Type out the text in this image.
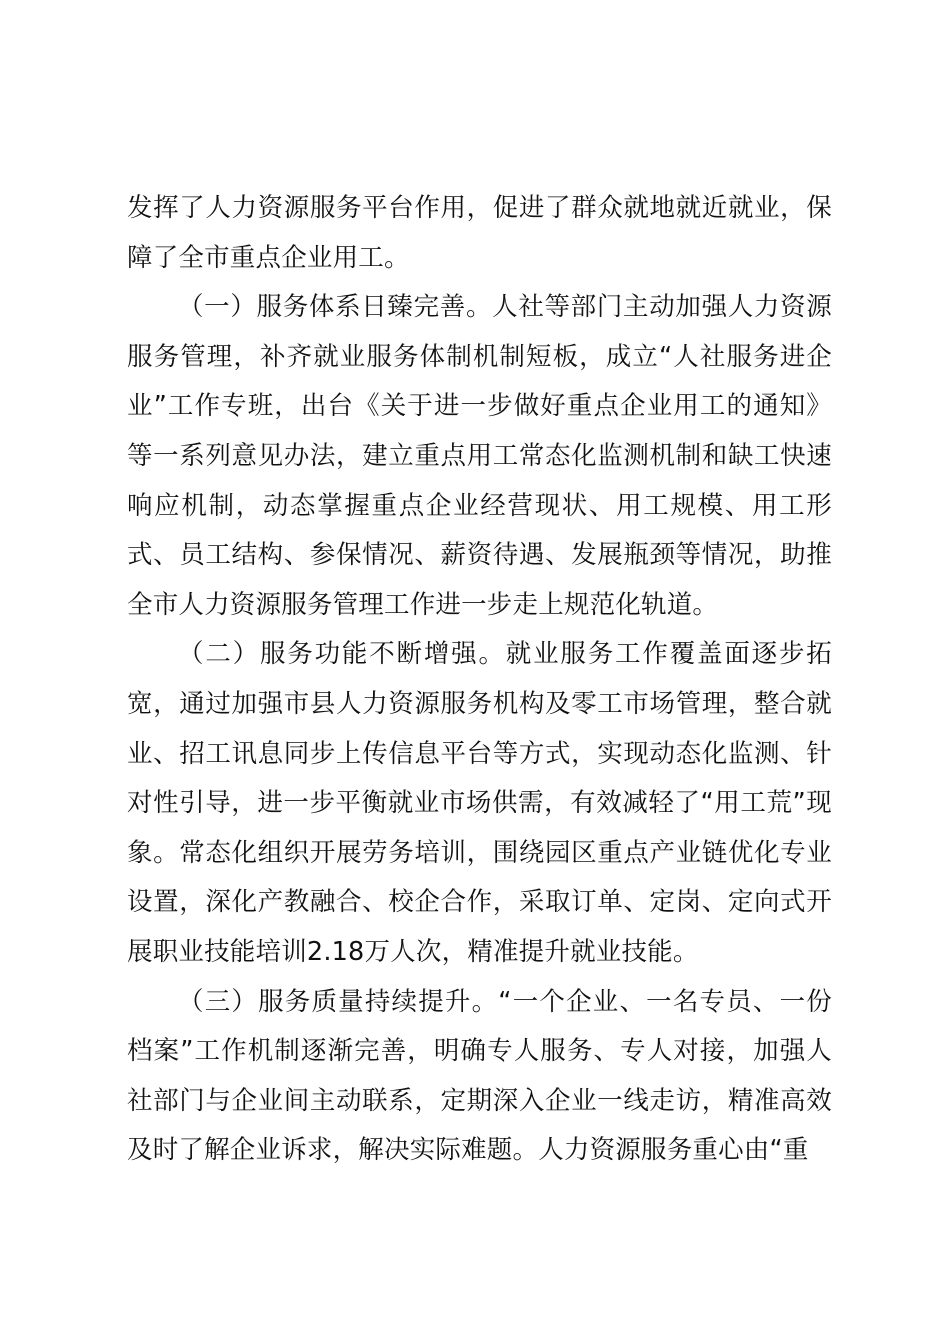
发挥了人力资源服务平台作用，促进了群众就地就近就业，保障了全市重点企业用工。

（一）服务体系日臻完善。人社等部门主动加强人力资源服务管理，补齐就业服务体制机制短板，成立“人社服务进企业”工作专班，出台《关于进一步做好重点企业用工的通知》等一系列意见办法，建立重点用工常态化监测机制和缺工快速响应机制，动态掌握重点企业经营现状、用工规模、用工形式、员工结构、参保情况、薪资待遇、发展瓶颈等情况，助推全市人力资源服务管理工作进一步走上规范化轨道。

（二）服务功能不断增强。就业服务工作覆盖面逐步拓宽，通过加强市县人力资源服务机构及零工市场管理，整合就业、招工讯息同步上传信息平台等方式，实现动态化监测、针对性引导，进一步平衡就业市场供需，有效减轻了“用工荒”现象。常态化组织开展劳务培训，围绕园区重点产业链优化专业设置，深化产教融合、校企合作，采取订单、定岗、定向式开展职业技能培训2.18万人次，精准提升就业技能。

（三）服务质量持续提升。“一个企业、一名专员、一份档案”工作机制逐渐完善，明确专人服务、专人对接，加强人社部门与企业间主动联系，定期深入企业一线走访，精准高效及时了解企业诉求，解决实际难题。人力资源服务重心由“重
